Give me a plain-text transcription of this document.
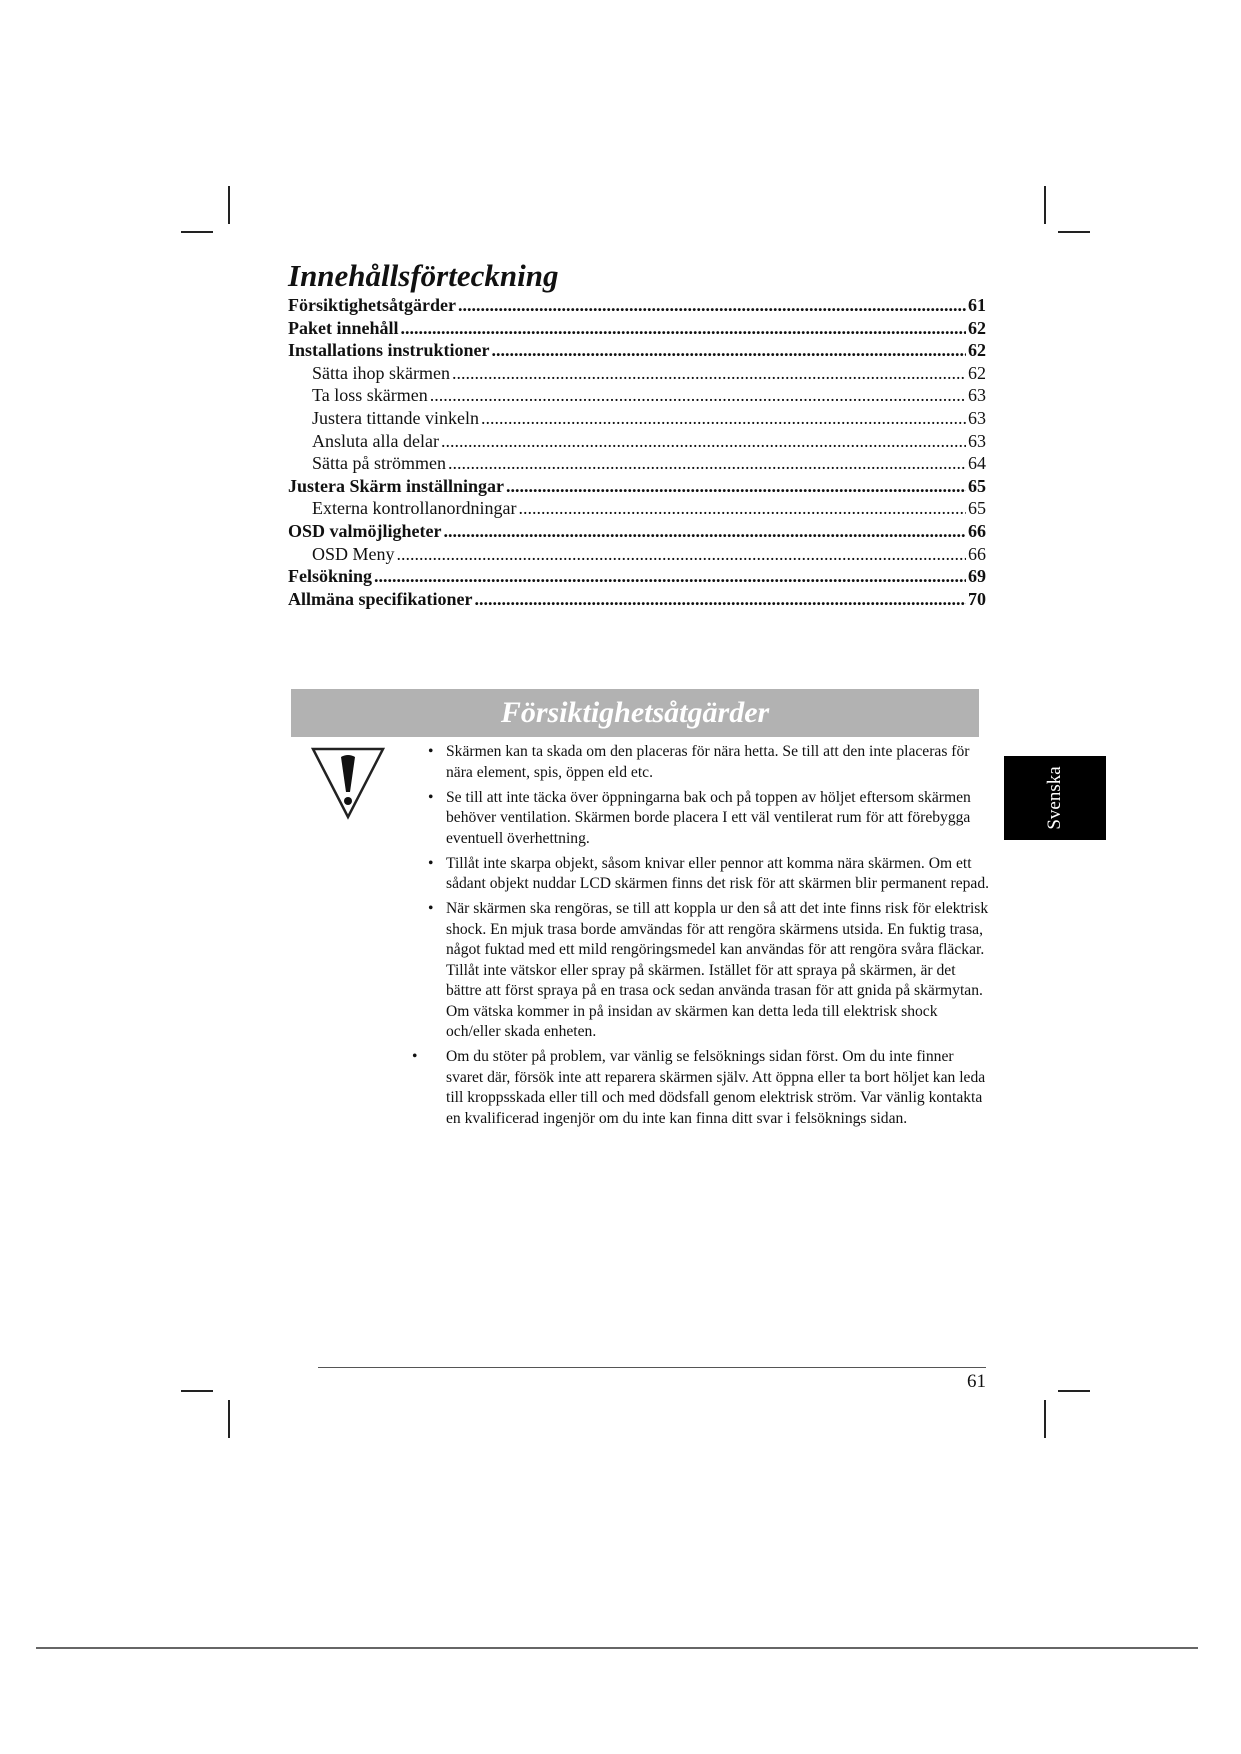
Innehållsförteckning
Försiktighetsåtgärder .....	61
Paket innehåll .....	62
Installations instruktioner .....	62
Sätta ihop skärmen .....	62
Ta loss skärmen .....	63
Justera tittande vinkeln .....	63
Ansluta alla delar .....	63
Sätta på strömmen .....	64
Justera Skärm inställningar .....	65
Externa kontrollanordningar .....	65
OSD valmöjligheter .....	66
OSD Meny .....	66
Felsökning .....	69
Allmäna specifikationer .....	70
Försiktighetsåtgärder
• Skärmen kan ta skada om den placeras för nära hetta. Se till att den inte placeras för nära element, spis, öppen eld etc.
• Se till att inte täcka över öppningarna bak och på toppen av höljet eftersom skärmen behöver ventilation. Skärmen borde placera I ett väl ventilerat rum för att förebygga eventuell överhettning.
• Tillåt inte skarpa objekt, såsom knivar eller pennor att komma nära skärmen. Om ett sådant objekt nuddar LCD skärmen finns det risk för att skärmen blir permanent repad.
• När skärmen ska rengöras, se till att koppla ur den så att det inte finns risk för elektrisk shock. En mjuk trasa borde amvändas för att rengöra skärmens utsida. En fuktig trasa, något fuktad med ett mild rengöringsmedel kan användas för att rengöra svåra fläckar. Tillåt inte vätskor eller spray på skärmen. Istället för att spraya på skärmen, är det bättre att först spraya på en trasa ock sedan använda trasan för att gnida på skärmytan. Om vätska kommer in på insidan av skärmen kan detta leda till elektrisk shock och/eller skada enheten.
• Om du stöter på problem, var vänlig se felsöknings sidan först. Om du inte finner svaret där, försök inte att reparera skärmen själv. Att öppna eller ta bort höljet kan leda till kroppsskada eller till och med dödsfall genom elektrisk ström. Var vänlig kontakta en kvalificerad ingenjör om du inte kan finna ditt svar i felsöknings sidan.
Svenska
61
